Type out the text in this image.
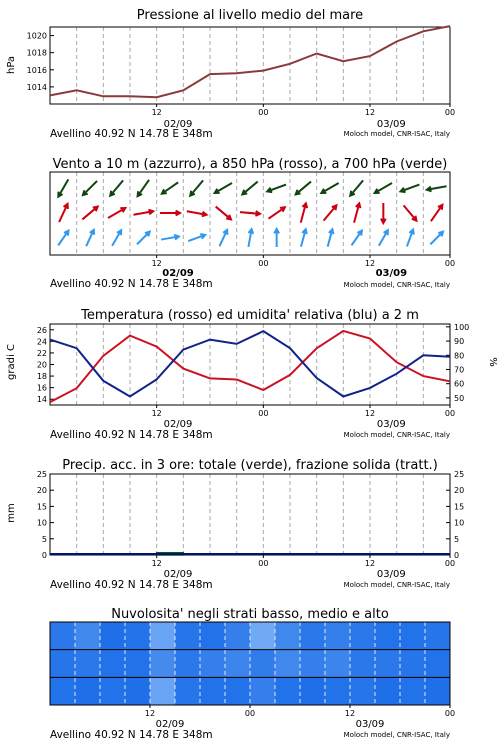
Pressione al livello medio del mare
Vento a 10 m (azzurro), a 850 hPa (rosso), a 700 hPa (verde)
Temperatura (rosso) ed umidita' relativa (blu) a 2 m
Precip. acc. in 3 ore: totale (verde), frazione solida (tratt.)
Nuvolosita' negli strati basso, medio e alto
hPa
gradi C	%
mm
Avellino 40.92 N 14.78 E 348m	Moloch model, CNR-ISAC, Italy
Avellino 40.92 N 14.78 E 348m	Moloch model, CNR-ISAC, Italy
Avellino 40.92 N 14.78 E 348m	Moloch model, CNR-ISAC, Italy
Avellino 40.92 N 14.78 E 348m	Moloch model, CNR-ISAC, Italy
Avellino 40.92 N 14.78 E 348m	Moloch model, CNR-ISAC, Italy
12	00	12	00
1014
1016
1018
1020
02/09	03/09
12	00	12	00
02/09	03/09
12	00	12	00
14
16
18
20
22
24
26
50
60
70
80
90
100
02/09	03/09
12	00	12	00
0
5
10
15
20
25
0
5
10
15
20
25
02/09	03/09
12	00	12	00
02/09	03/09
